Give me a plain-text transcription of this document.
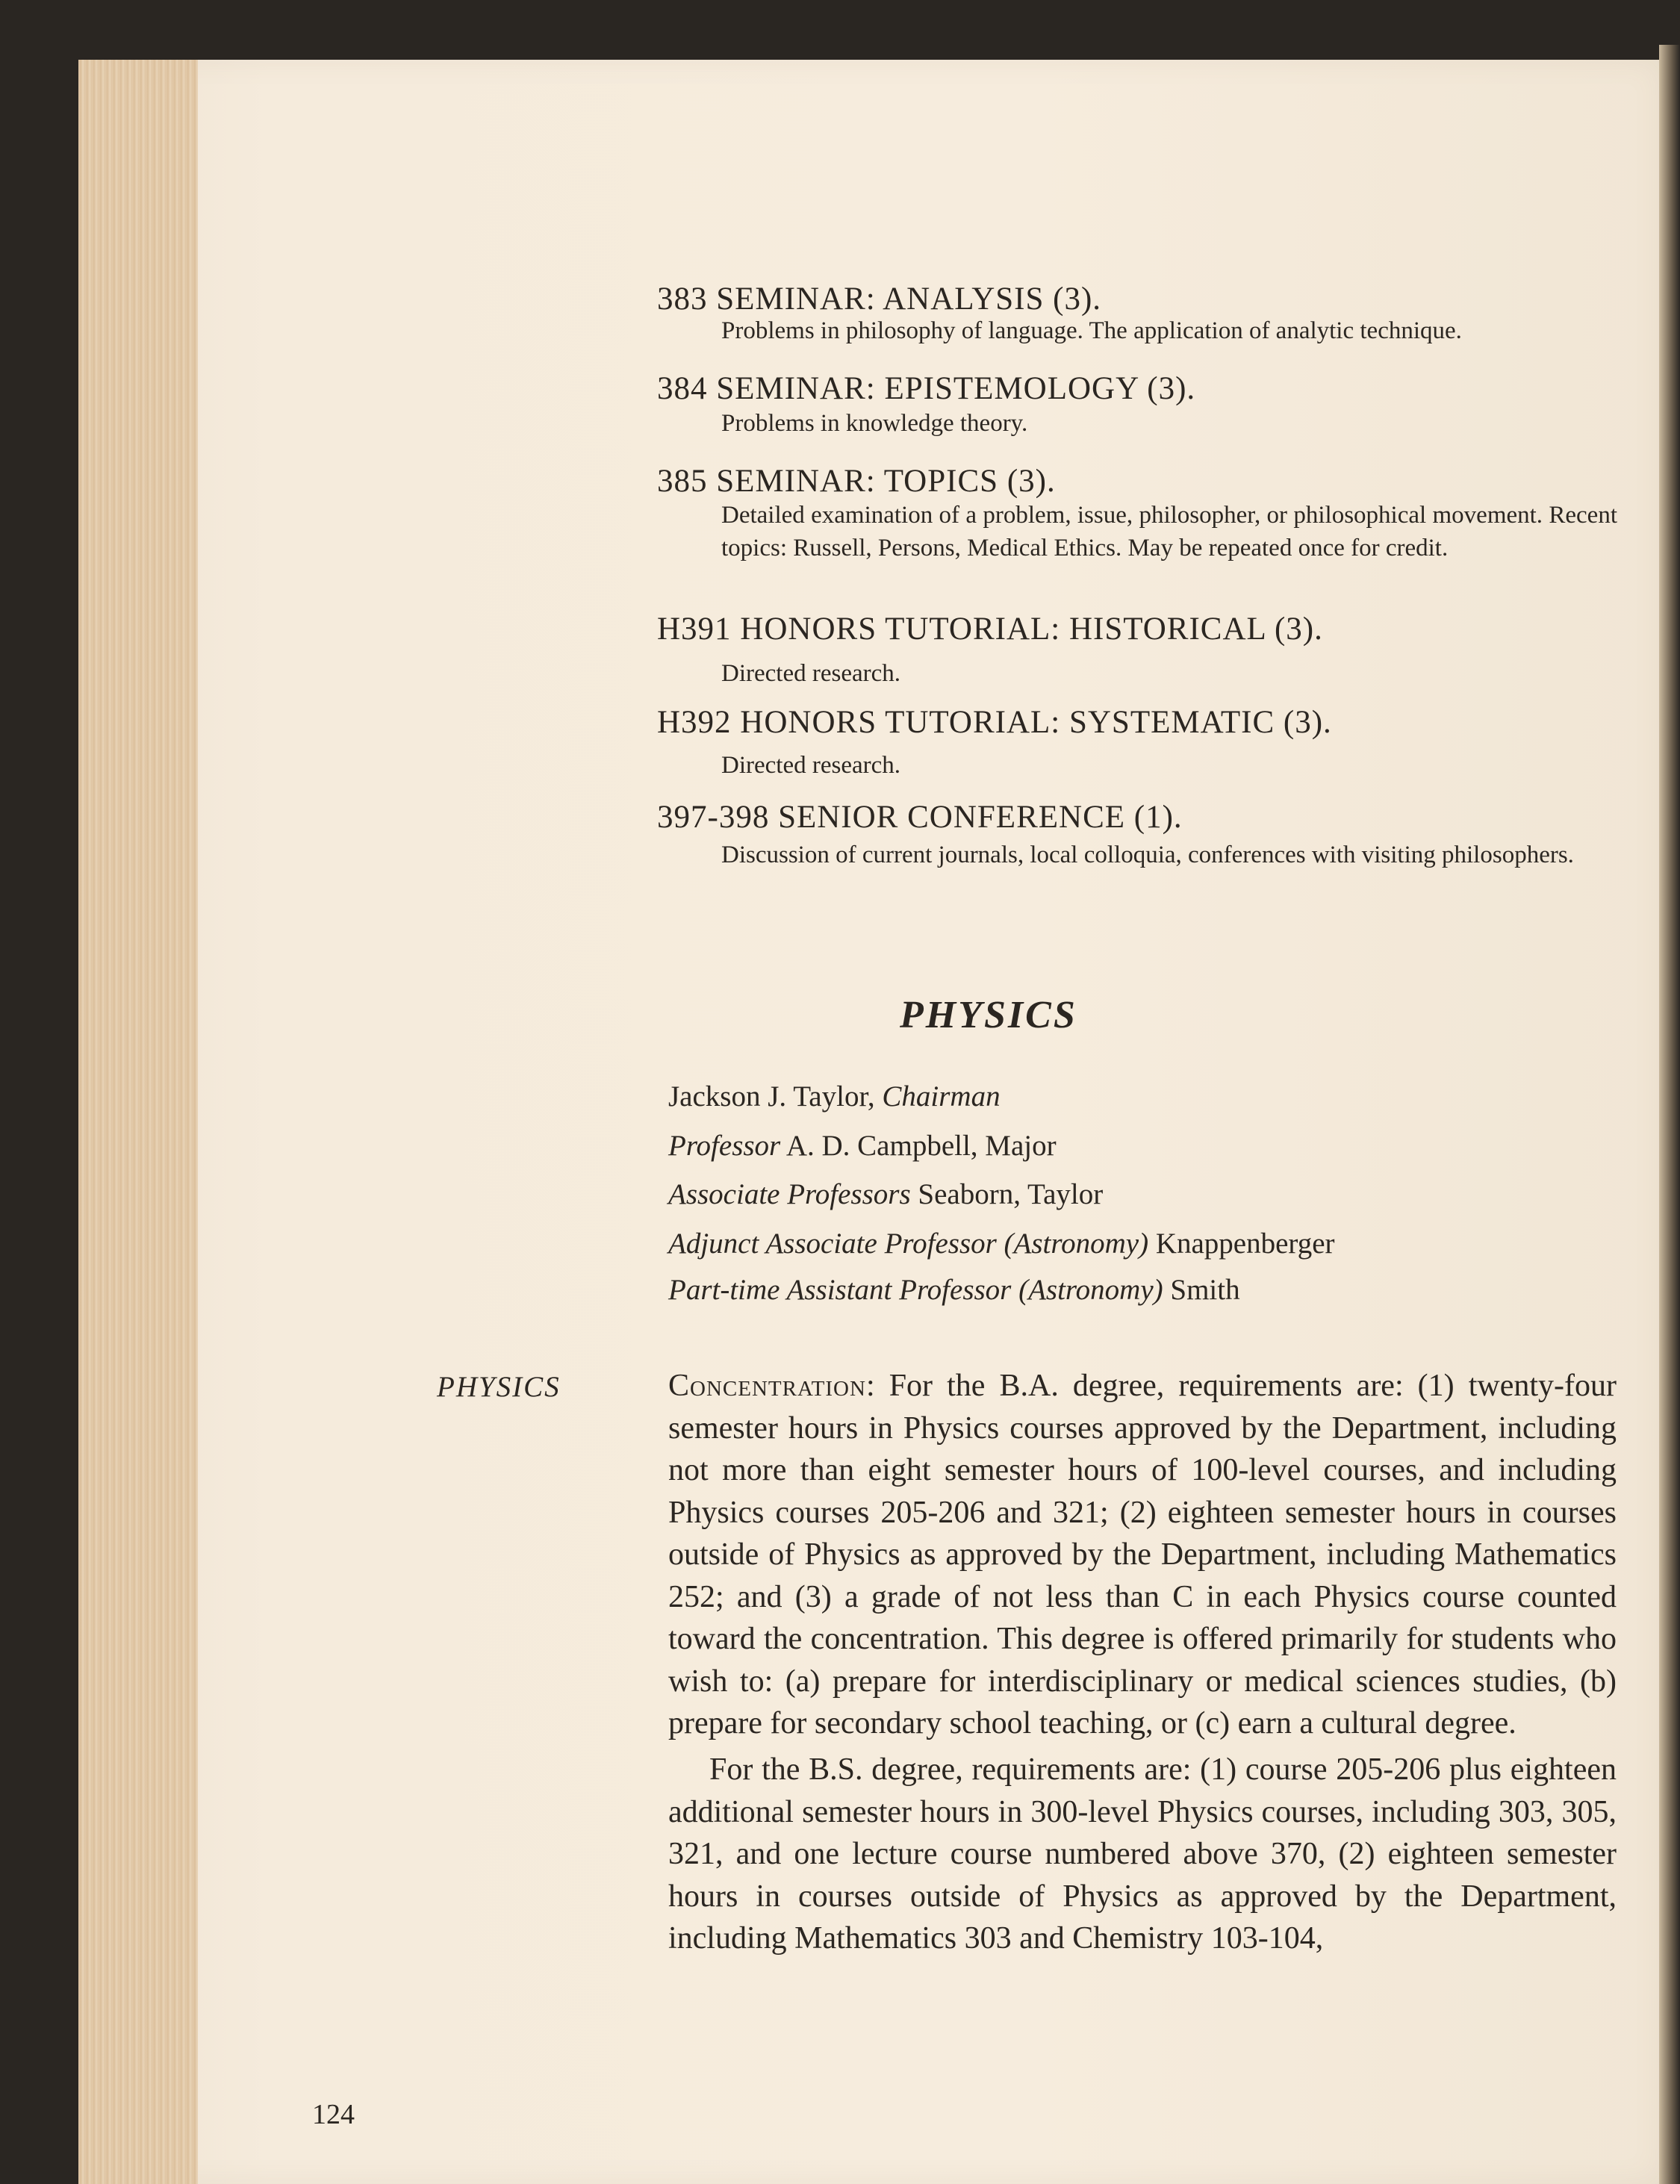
383 SEMINAR: ANALYSIS (3).

Problems in philosophy of language. The application of analytic technique.

384 SEMINAR: EPISTEMOLOGY (3).

Problems in knowledge theory.

385 SEMINAR: TOPICS (3).

Detailed examination of a problem, issue, philosopher, or philosophical movement. Recent topics: Russell, Persons, Medical Ethics. May be repeated once for credit.

H391 HONORS TUTORIAL: HISTORICAL (3).

Directed research.

H392 HONORS TUTORIAL: SYSTEMATIC (3).

Directed research.

397-398 SENIOR CONFERENCE (1).

Discussion of current journals, local colloquia, conferences with visiting philosophers.

PHYSICS

Jackson J. Taylor, Chairman

Professor A. D. Campbell, Major

Associate Professors Seaborn, Taylor

Adjunct Associate Professor (Astronomy) Knappenberger

Part-time Assistant Professor (Astronomy) Smith

PHYSICS	Concentration: For the B.A. degree, requirements are: (1) twenty-four semester hours in Physics courses approved by the Department, including not more than eight semester hours of 100-level courses, and including Physics courses 205-206 and 321; (2) eighteen semester hours in courses outside of Physics as approved by the Department, including Mathematics 252; and (3) a grade of not less than C in each Physics course counted toward the concentration. This degree is offered primarily for students who wish to: (a) prepare for interdisciplinary or medical sciences studies, (b) prepare for secondary school teaching, or (c) earn a cultural degree.

For the B.S. degree, requirements are: (1) course 205-206 plus eighteen additional semester hours in 300-level Physics courses, including 303, 305, 321, and one lecture course numbered above 370, (2) eighteen semester hours in courses outside of Physics as approved by the Department, including Mathematics 303 and Chemistry 103-104,

124
